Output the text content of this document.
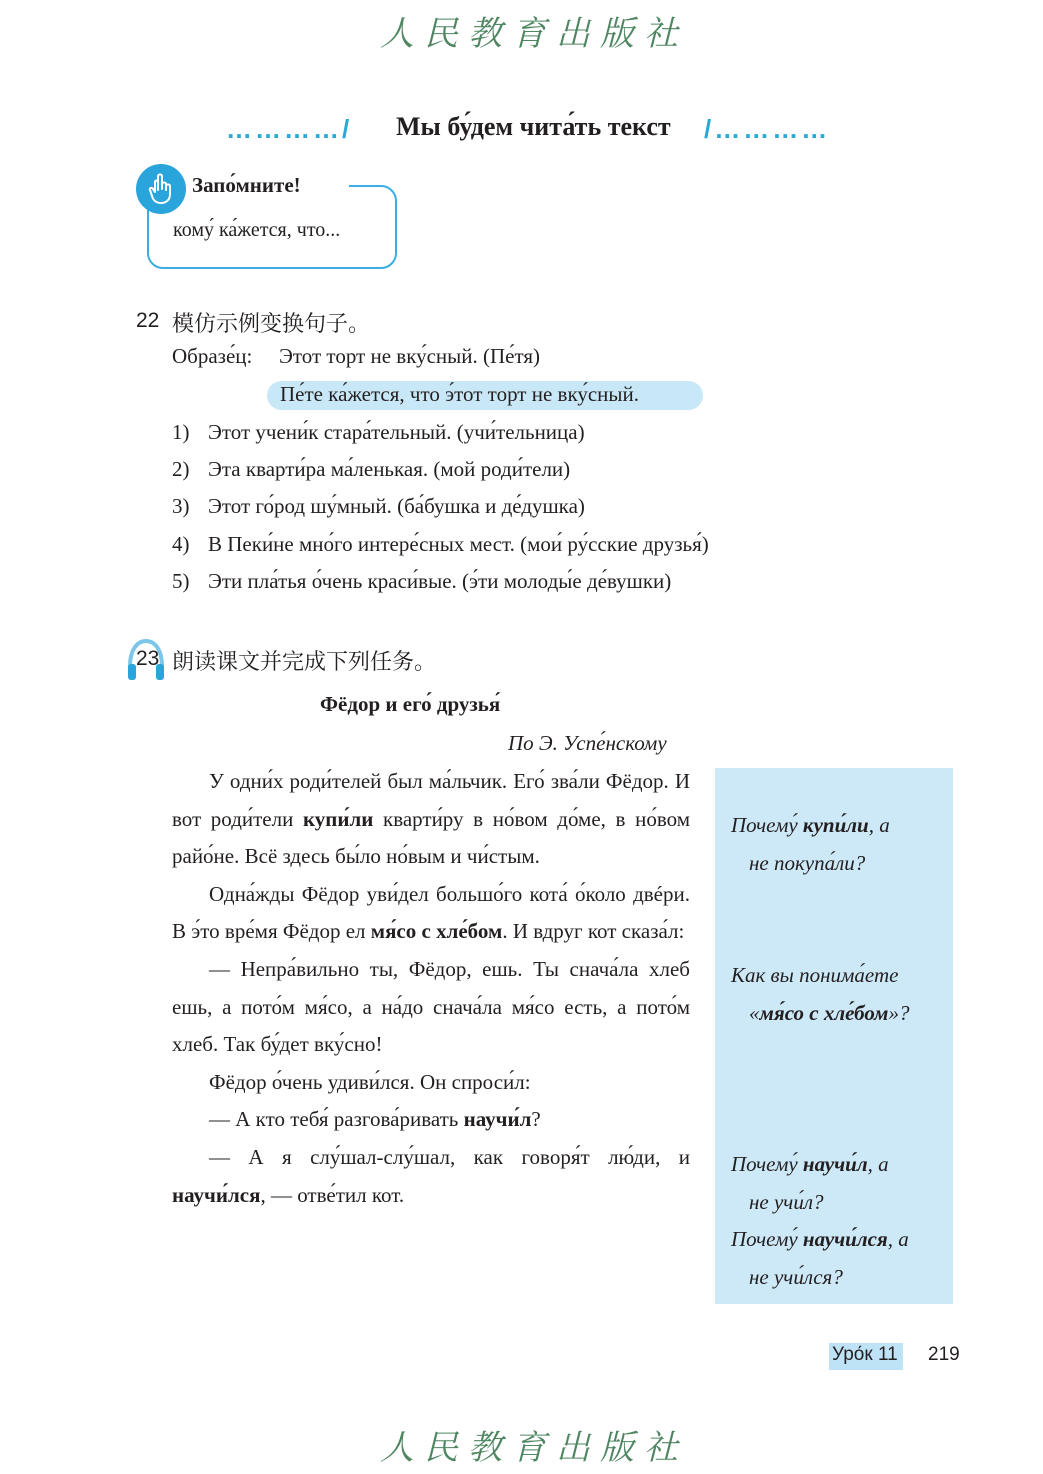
人民教育出版社
…………/ Мы бу́дем чита́ть текст /…………
Запо́мните!
кому́ ка́жется, что...
22 模仿示例变换句子。
Образе́ц: Этот торт не вку́сный. (Пе́тя)
Пе́те ка́жется, что э́тот торт не вку́сный.
1) Этот учени́к стара́тельный. (учи́тельница)
2) Эта кварти́ра ма́ленькая. (мой роди́тели)
3) Этот го́род шу́мный. (ба́бушка и де́душка)
4) В Пеки́не мно́го интере́сных мест. (мои́ ру́сские друзья́)
5) Эти пла́тья о́чень краси́вые. (э́ти молоды́е де́вушки)
23 朗读课文并完成下列任务。
Фёдор и его́ друзья́
По Э. Успе́нскому
Почему́ купи́ли, а
не покупа́ли?
Как вы понима́ете
«мя́со с хле́бом»?
Почему́ научи́л, а
не учи́л?
Почему́ научи́лся, а
не учи́лся?

У одни́х роди́телей был ма́льчик. Его́ зва́ли Фёдор. И вот роди́тели купи́ли кварти́ру в но́вом до́ме, в но́вом райо́не. Всё здесь бы́ло но́вым и чи́стым.

Одна́жды Фёдор уви́дел большо́го кота́ о́коло двéри. В э́то вре́мя Фёдор ел мя́со с хле́бом. И вдруг кот сказа́л:

— Непра́вильно ты, Фёдор, ешь. Ты снача́ла хлеб ешь, а пото́м мя́со, а на́до снача́ла мя́со есть, а пото́м хлеб. Так бу́дет вку́сно!

Фёдор о́чень удиви́лся. Он спроси́л:

— А кто тебя́ разгова́ривать научи́л?

— А я слу́шал-слу́шал, как говоря́т лю́ди, и научи́лся, — отве́тил кот.

Уро́к 11 219
人民教育出版社
